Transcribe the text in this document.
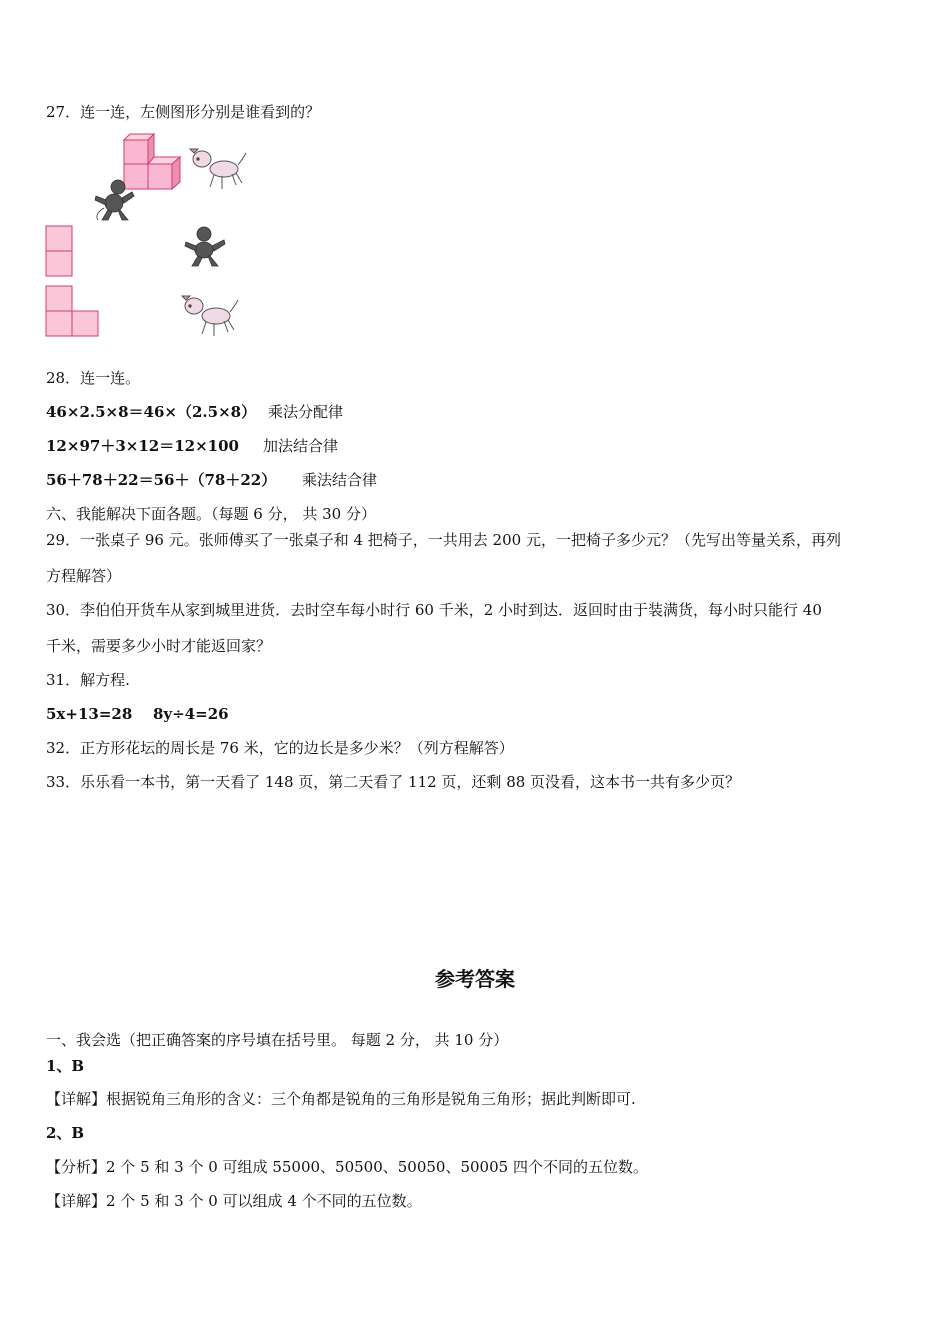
27．连一连，左侧图形分别是谁看到的？
28．连一连。
46×2.5×8＝46×（2.5×8） 乘法分配律
12×97＋3×12＝12×100 加法结合律
56＋78＋22＝56＋（78＋22） 乘法结合律
六、我能解决下面各题。（每题 6 分， 共 30 分）
29．一张桌子 96 元。张师傅买了一张桌子和 4 把椅子，一共用去 200 元，一把椅子多少元？（先写出等量关系，再列
方程解答）
30．李伯伯开货车从家到城里进货．去时空车每小时行 60 千米，2 小时到达．返回时由于装满货，每小时只能行 40
千米，需要多少小时才能返回家？
31．解方程.
5x+13=28 8y÷4=26
32．正方形花坛的周长是 76 米，它的边长是多少米？（列方程解答）
33．乐乐看一本书，第一天看了 148 页，第二天看了 112 页，还剩 88 页没看，这本书一共有多少页？
参考答案
一、我会选（把正确答案的序号填在括号里。 每题 2 分， 共 10 分）
1、B
【详解】根据锐角三角形的含义：三个角都是锐角的三角形是锐角三角形；据此判断即可.
2、B
【分析】2 个 5 和 3 个 0 可组成 55000、50500、50050、50005 四个不同的五位数。
【详解】2 个 5 和 3 个 0 可以组成 4 个不同的五位数。
